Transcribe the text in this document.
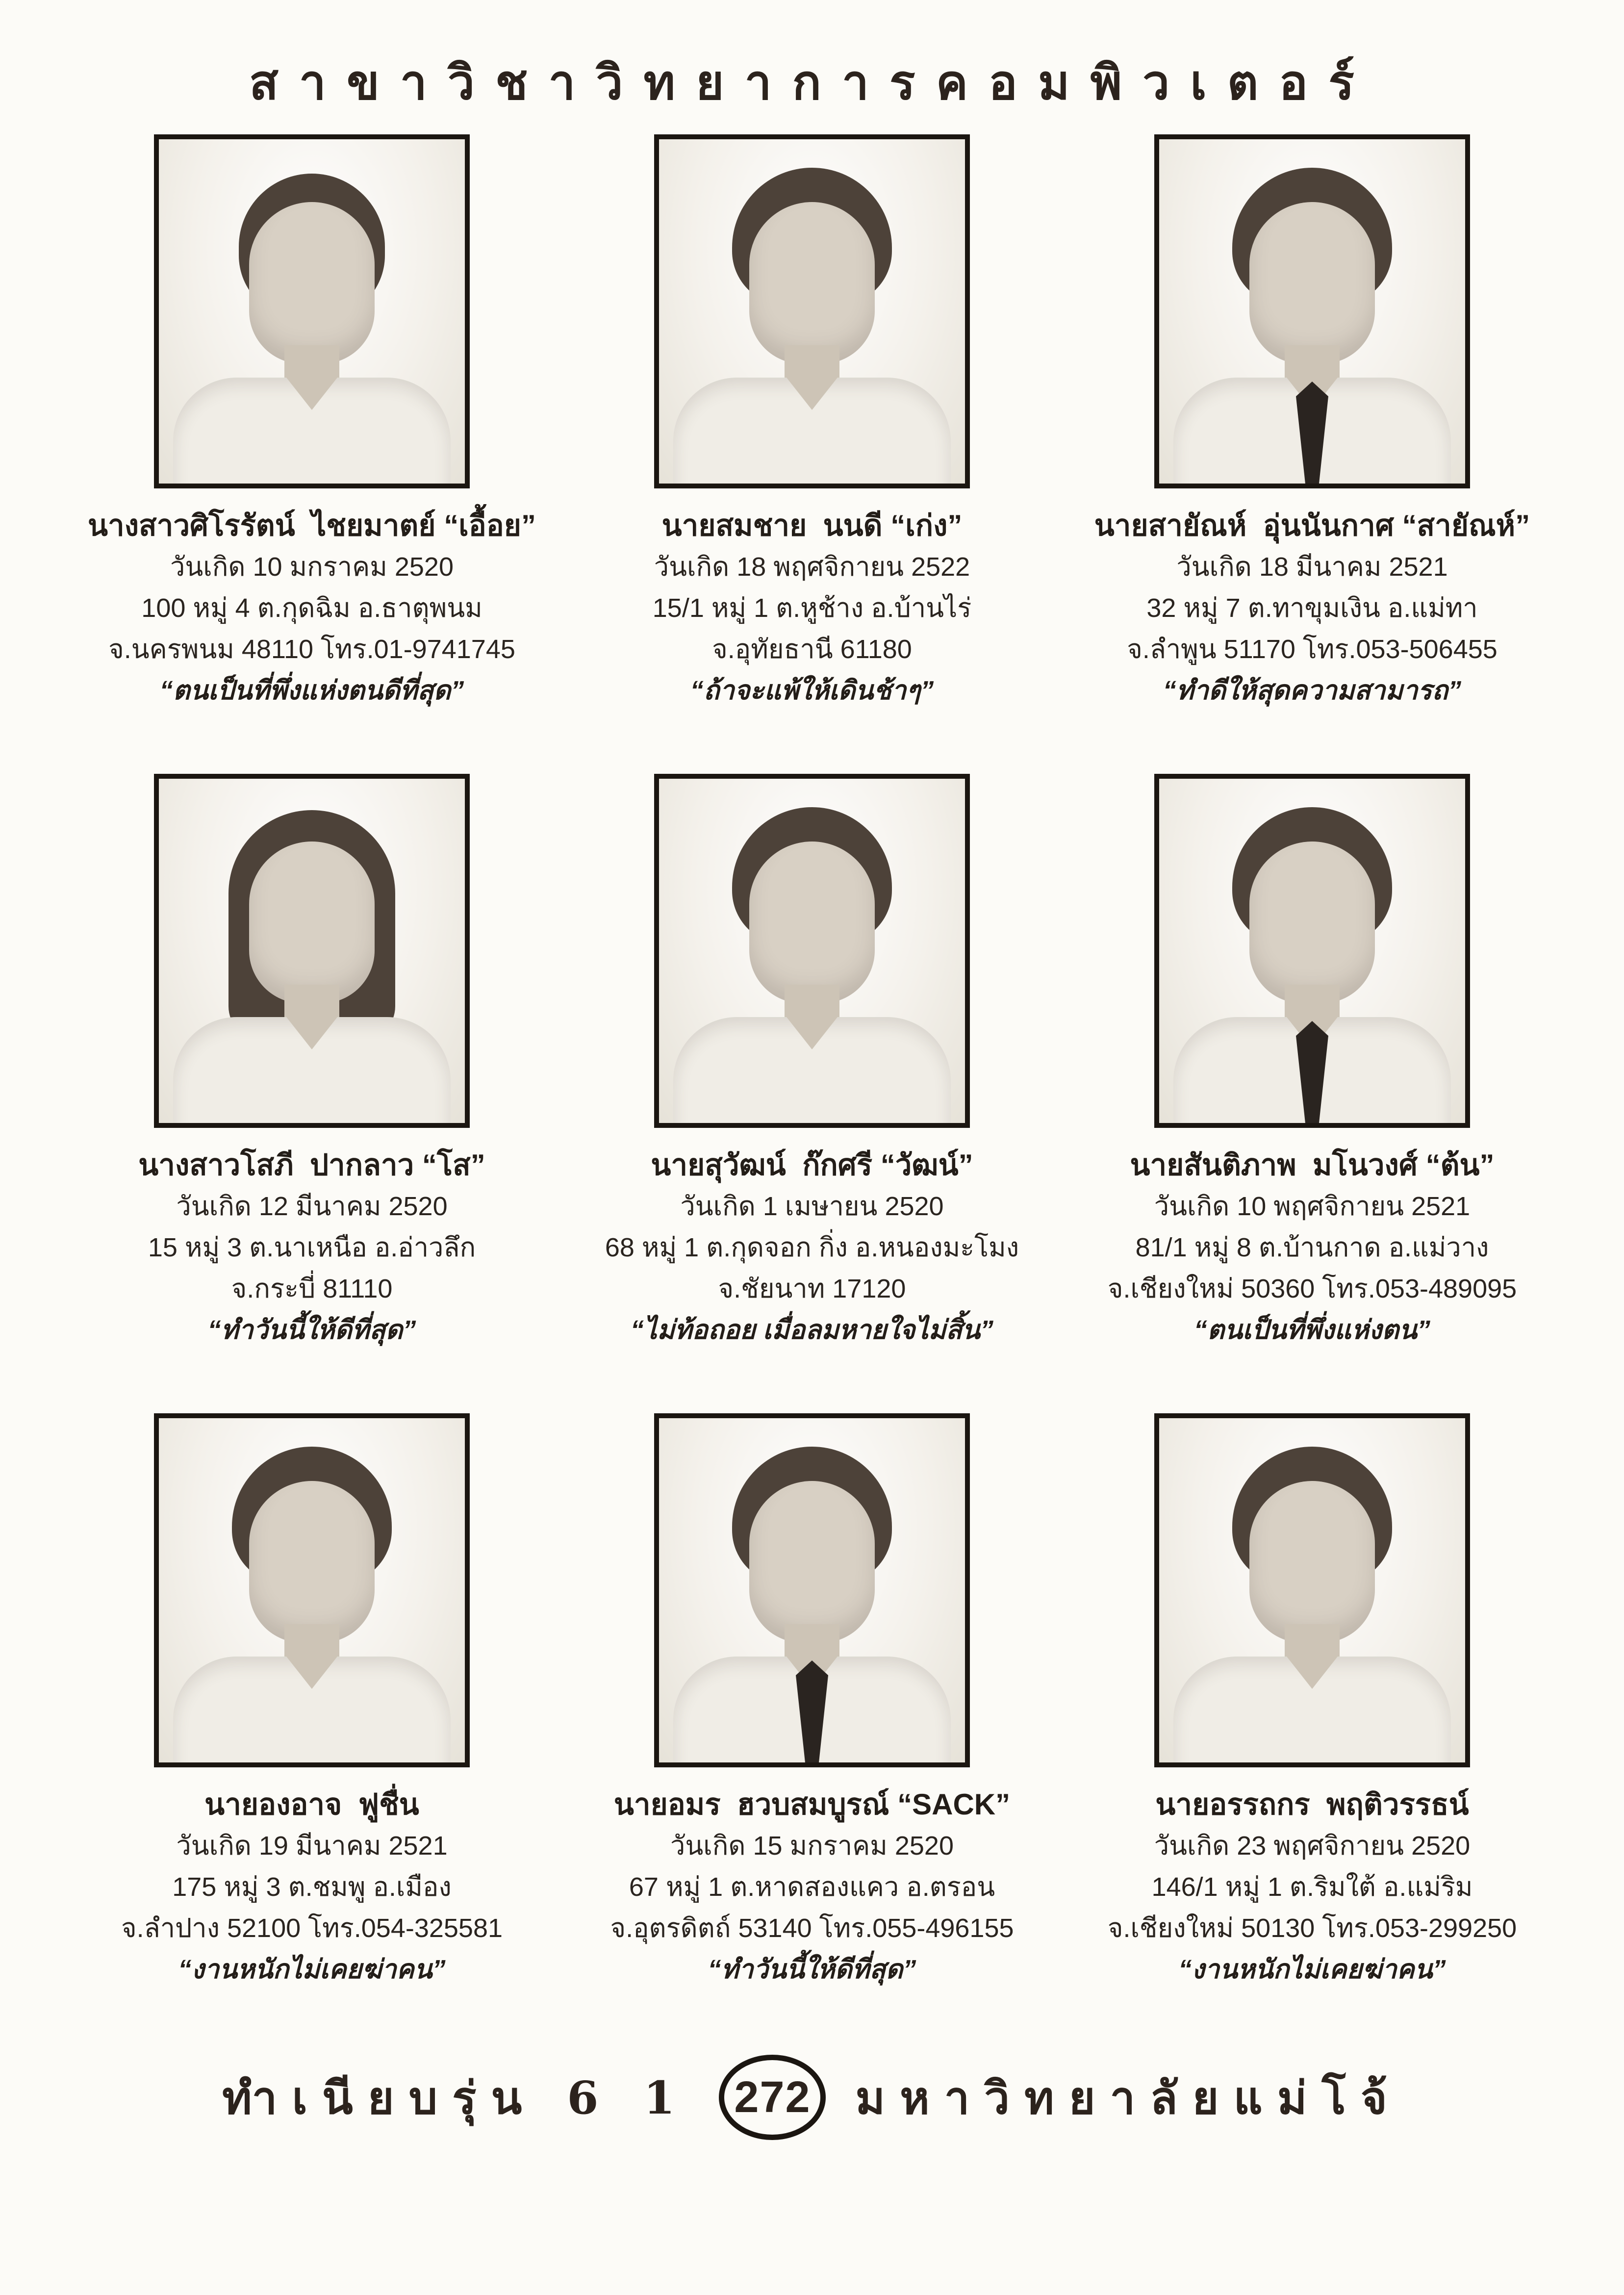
สาขาวิชาวิทยาการคอมพิวเตอร์
นางสาวศิโรรัตน์  ไชยมาตย์ “เอื้อย”
วันเกิด 10 มกราคม 2520
100 หมู่ 4 ต.กุดฉิม อ.ธาตุพนม
จ.นครพนม 48110 โทร.01-9741745
“ตนเป็นที่พึ่งแห่งตนดีที่สุด”
นายสมชาย  นนดี “เก่ง”
วันเกิด 18 พฤศจิกายน 2522
15/1 หมู่ 1 ต.หูช้าง อ.บ้านไร่
จ.อุทัยธานี 61180
“ถ้าจะแพ้ให้เดินช้าๆ”
นายสายัณห์  อุ่นนันกาศ “สายัณห์”
วันเกิด 18 มีนาคม 2521
32 หมู่ 7 ต.ทาขุมเงิน อ.แม่ทา
จ.ลำพูน 51170 โทร.053-506455
“ทำดีให้สุดความสามารถ”
นางสาวโสภี  ปากลาว “โส”
วันเกิด 12 มีนาคม 2520
15 หมู่ 3 ต.นาเหนือ อ.อ่าวลึก
จ.กระบี่ 81110
“ทำวันนี้ให้ดีที่สุด”
นายสุวัฒน์  ก๊กศรี “วัฒน์”
วันเกิด 1 เมษายน 2520
68 หมู่ 1 ต.กุดจอก กิ่ง อ.หนองมะโมง
จ.ชัยนาท 17120
“ไม่ท้อถอย เมื่อลมหายใจไม่สิ้น”
นายสันติภาพ  มโนวงศ์ “ต้น”
วันเกิด 10 พฤศจิกายน 2521
81/1 หมู่ 8 ต.บ้านกาด อ.แม่วาง
จ.เชียงใหม่ 50360 โทร.053-489095
“ตนเป็นที่พึ่งแห่งตน”
นายองอาจ  ฟูชื่น
วันเกิด 19 มีนาคม 2521
175 หมู่ 3 ต.ชมพู อ.เมือง
จ.ลำปาง 52100 โทร.054-325581
“งานหนักไม่เคยฆ่าคน”
นายอมร  ฮวบสมบูรณ์ “SACK”
วันเกิด 15 มกราคม 2520
67 หมู่ 1 ต.หาดสองแคว อ.ตรอน
จ.อุตรดิตถ์ 53140 โทร.055-496155
“ทำวันนี้ให้ดีที่สุด”
นายอรรถกร  พฤติวรรธน์
วันเกิด 23 พฤศจิกายน 2520
146/1 หมู่ 1 ต.ริมใต้ อ.แม่ริม
จ.เชียงใหม่ 50130 โทร.053-299250
“งานหนักไม่เคยฆ่าคน”
ทำเนียบรุ่น 6 1	272 มหาวิทยาลัยแม่โจ้
